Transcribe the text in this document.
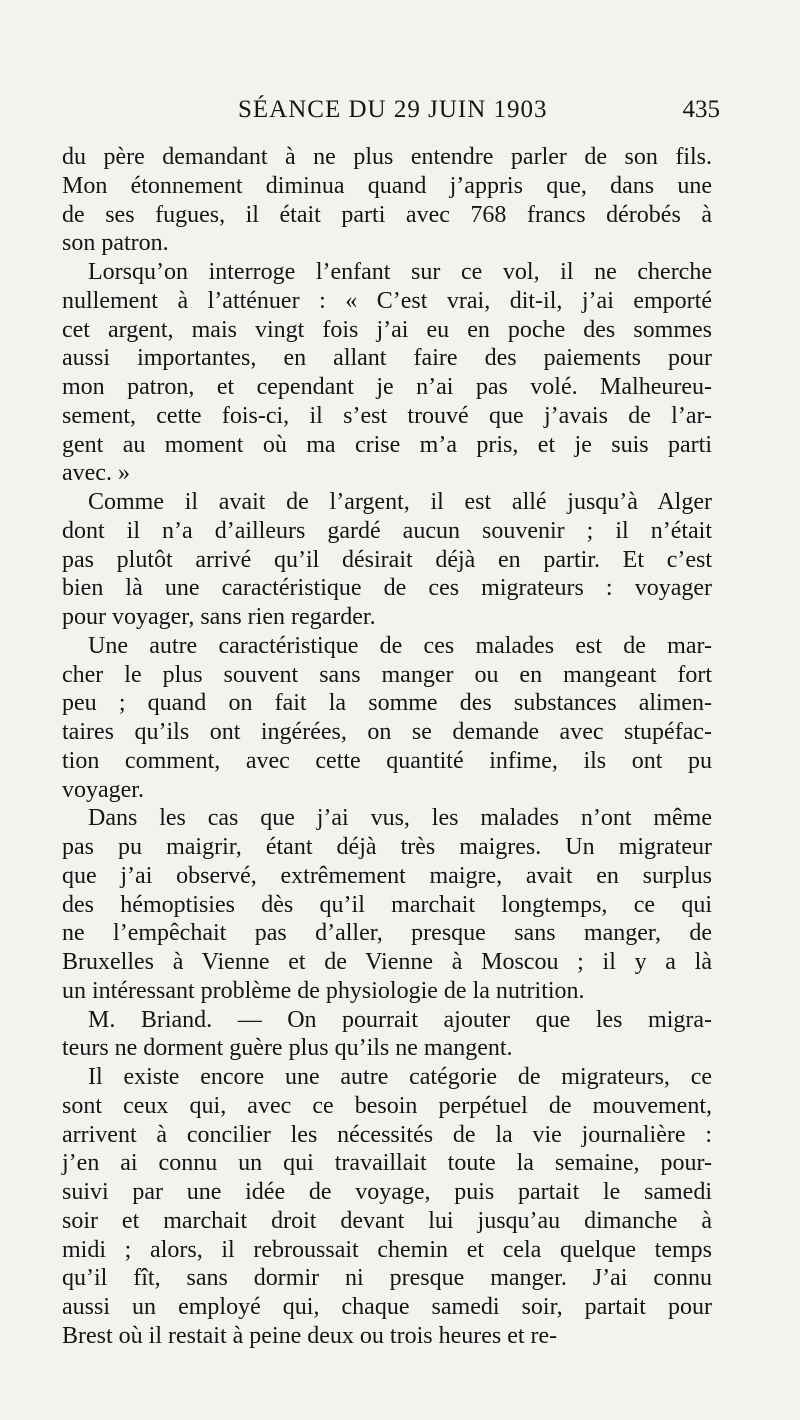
SÉANCE DU 29 JUIN 1903	435
du père demandant à ne plus entendre parler de son fils.
Mon étonnement diminua quand j’appris que, dans une
de ses fugues, il était parti avec 768 francs dérobés à
son patron.
Lorsqu’on interroge l’enfant sur ce vol, il ne cherche
nullement à l’atténuer : « C’est vrai, dit-il, j’ai emporté
cet argent, mais vingt fois j’ai eu en poche des sommes
aussi importantes, en allant faire des paiements pour
mon patron, et cependant je n’ai pas volé. Malheureu-
sement, cette fois-ci, il s’est trouvé que j’avais de l’ar-
gent au moment où ma crise m’a pris, et je suis parti
avec. »
Comme il avait de l’argent, il est allé jusqu’à Alger
dont il n’a d’ailleurs gardé aucun souvenir ; il n’était
pas plutôt arrivé qu’il désirait déjà en partir. Et c’est
bien là une caractéristique de ces migrateurs : voyager
pour voyager, sans rien regarder.
Une autre caractéristique de ces malades est de mar-
cher le plus souvent sans manger ou en mangeant fort
peu ; quand on fait la somme des substances alimen-
taires qu’ils ont ingérées, on se demande avec stupéfac-
tion comment, avec cette quantité infime, ils ont pu
voyager.
Dans les cas que j’ai vus, les malades n’ont même
pas pu maigrir, étant déjà très maigres. Un migrateur
que j’ai observé, extrêmement maigre, avait en surplus
des hémoptisies dès qu’il marchait longtemps, ce qui
ne l’empêchait pas d’aller, presque sans manger, de
Bruxelles à Vienne et de Vienne à Moscou ; il y a là
un intéressant problème de physiologie de la nutrition.
M. Briand. — On pourrait ajouter que les migra-
teurs ne dorment guère plus qu’ils ne mangent.
Il existe encore une autre catégorie de migrateurs, ce
sont ceux qui, avec ce besoin perpétuel de mouvement,
arrivent à concilier les nécessités de la vie journalière :
j’en ai connu un qui travaillait toute la semaine, pour-
suivi par une idée de voyage, puis partait le samedi
soir et marchait droit devant lui jusqu’au dimanche à
midi ; alors, il rebroussait chemin et cela quelque temps
qu’il fît, sans dormir ni presque manger. J’ai connu
aussi un employé qui, chaque samedi soir, partait pour
Brest où il restait à peine deux ou trois heures et re-
